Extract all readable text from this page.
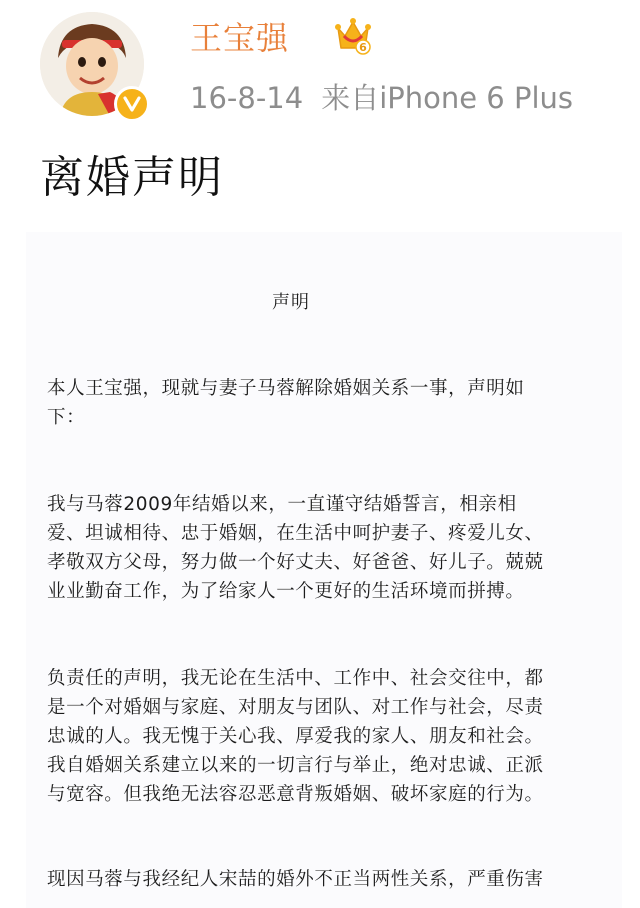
王宝强	6
16-8-14 来自iPhone 6 Plus
离婚声明
声明

本人王宝强，现就与妻子马蓉解除婚姻关系一事，声明如下：

我与马蓉2009年结婚以来，一直谨守结婚誓言，相亲相爱、坦诚相待、忠于婚姻，在生活中呵护妻子、疼爱儿女、孝敬双方父母，努力做一个好丈夫、好爸爸、好儿子。兢兢业业勤奋工作，为了给家人一个更好的生活环境而拼搏。

负责任的声明，我无论在生活中、工作中、社会交往中，都是一个对婚姻与家庭、对朋友与团队、对工作与社会，尽责忠诚的人。我无愧于关心我、厚爱我的家人、朋友和社会。我自婚姻关系建立以来的一切言行与举止，绝对忠诚、正派与宽容。但我绝无法容忍恶意背叛婚姻、破坏家庭的行为。

现因马蓉与我经纪人宋喆的婚外不正当两性关系，严重伤害
